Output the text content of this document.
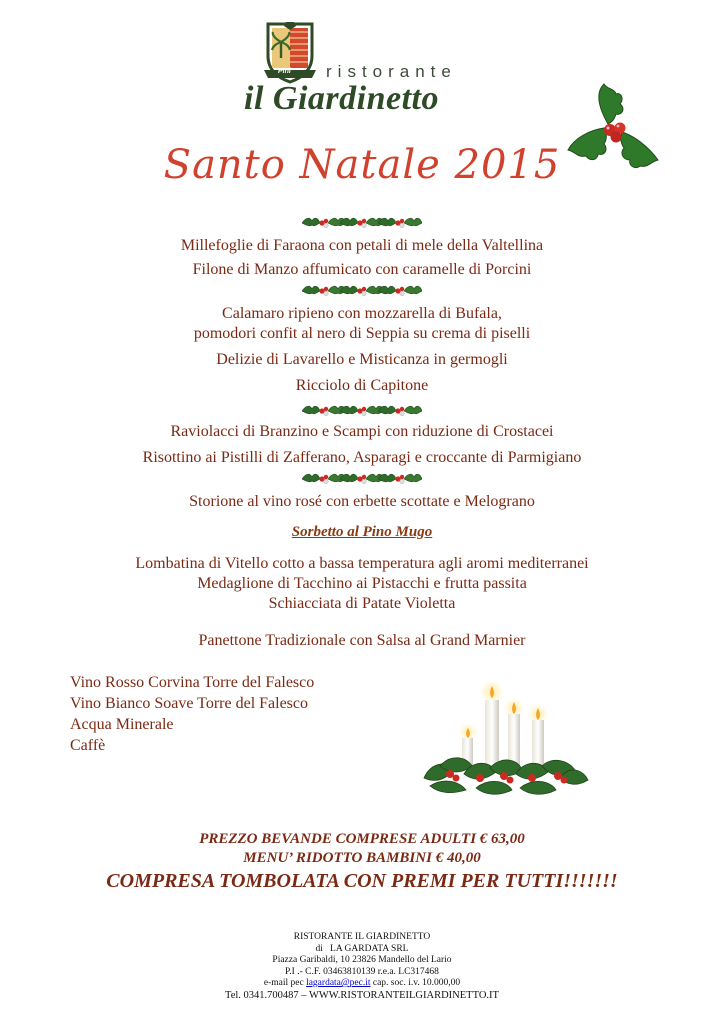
ristorante
il Giardinetto
Pini
Santo Natale 2015
Millefoglie di Faraona con petali di mele della Valtellina
Filone di Manzo affumicato con caramelle di Porcini
Calamaro ripieno con mozzarella di Bufala,
pomodori confit al nero di Seppia su crema di piselli
Delizie di Lavarello e Misticanza in germogli
Ricciolo di Capitone
Raviolacci di Branzino e Scampi con riduzione di Crostacei
Risottino ai Pistilli di Zafferano, Asparagi e croccante di Parmigiano
Storione al vino rosé con erbette scottate e Melograno
Sorbetto al Pino Mugo
Lombatina di Vitello cotto a bassa temperatura agli aromi mediterranei
Medaglione di Tacchino ai Pistacchi e frutta passita
Schiacciata di Patate Violetta
Panettone Tradizionale con Salsa al Grand Marnier
Vino Rosso Corvina Torre del Falesco
Vino Bianco Soave Torre del Falesco
Acqua Minerale
Caffè
PREZZO BEVANDE COMPRESE ADULTI € 63,00
MENU’ RIDOTTO BAMBINI € 40,00
COMPRESA TOMBOLATA CON PREMI PER TUTTI!!!!!!!
RISTORANTE IL GIARDINETTO
di   LA GARDATA SRL
Piazza Garibaldi, 10 23826 Mandello del Lario
P.I .- C.F. 03463810139 r.e.a. LC317468
e-mail pec lagardata@pec.it cap. soc. i.v. 10.000,00
Tel. 0341.700487 – WWW.RISTORANTEILGIARDINETTO.IT
